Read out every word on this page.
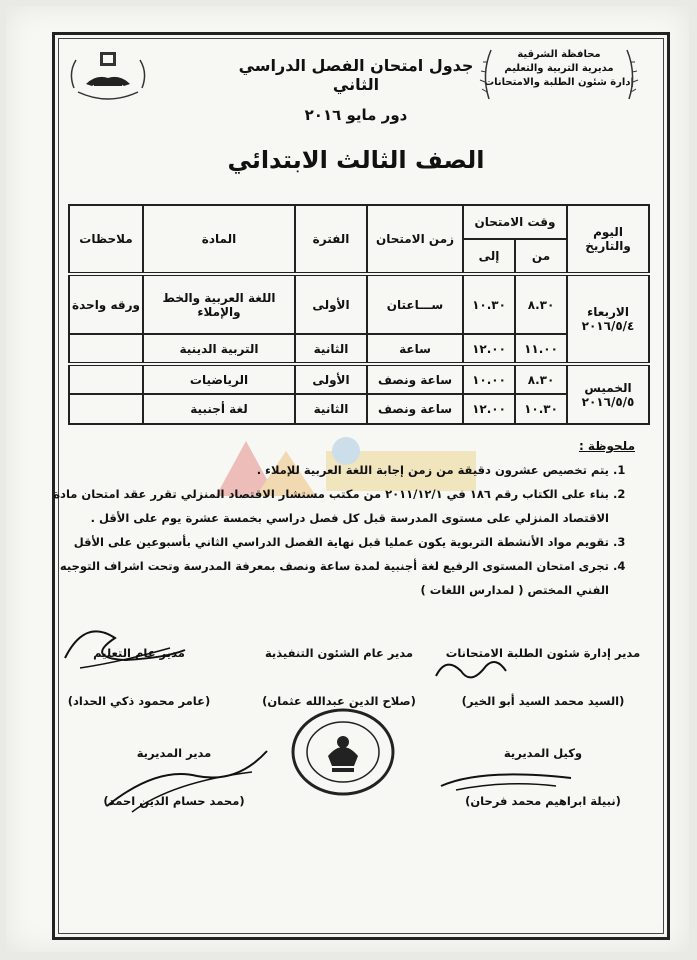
محافظة الشرقية
مديرية التربية والتعليم
إدارة شئون الطلبة والامتحانات
جدول امتحان الفصل الدراسي الثاني
دور مايو ٢٠١٦
الصف الثالث الابتدائي
اليوم
والتاريخ	وقت الامتحان		زمن الامتحان	الفترة	المادة	ملاحظات
	من	إلى				

الاربعاء
٢٠١٦/٥/٤	٨.٣٠	١٠.٣٠	ســـاعتان	الأولى	اللغة العربية والخط والإملاء	ورقه واحدة
	١١.٠٠	١٢.٠٠	ساعة	الثانية	التربية الدينية	

الخميس
٢٠١٦/٥/٥	٨.٣٠	١٠.٠٠	ساعة ونصف	الأولى	الرياضيات	
	١٠.٣٠	١٢.٠٠	ساعة ونصف	الثانية	لغة أجنبية	
ملحوظة :
1. يتم تخصيص عشرون دقيقة من زمن إجابة اللغة العربية للإملاء .
2. بناء على الكتاب رقم ١٨٦ في ٢٠١١/١٢/١ من مكتب مستشار الاقتصاد المنزلي تقرر عقد امتحان مادة الاقتصاد المنزلي على مستوى المدرسة قبل كل فصل دراسي بخمسة عشرة يوم على الأقل .
3. تقويم مواد الأنشطة التربوية يكون عمليا قبل نهاية الفصل الدراسي الثاني بأسبوعين على الأقل
4. تجرى امتحان المستوى الرفيع لغة أجنبية لمدة ساعة ونصف بمعرفة المدرسة وتحت اشراف التوجيه الفني المختص ( لمدارس اللغات )
مدير إدارة شئون الطلبة الامتحانات
( السيد محمد السيد أبو الخير )
مدير عام الشئون التنفيذية
( صلاح الدين عبدالله عثمان )
مدير عام التعليم
( عامر محمود ذكي الحداد )
وكيل المديرية
( نبيلة ابراهيم محمد فرحان )
مدير المديرية
( محمد حسام الدين احمد )
